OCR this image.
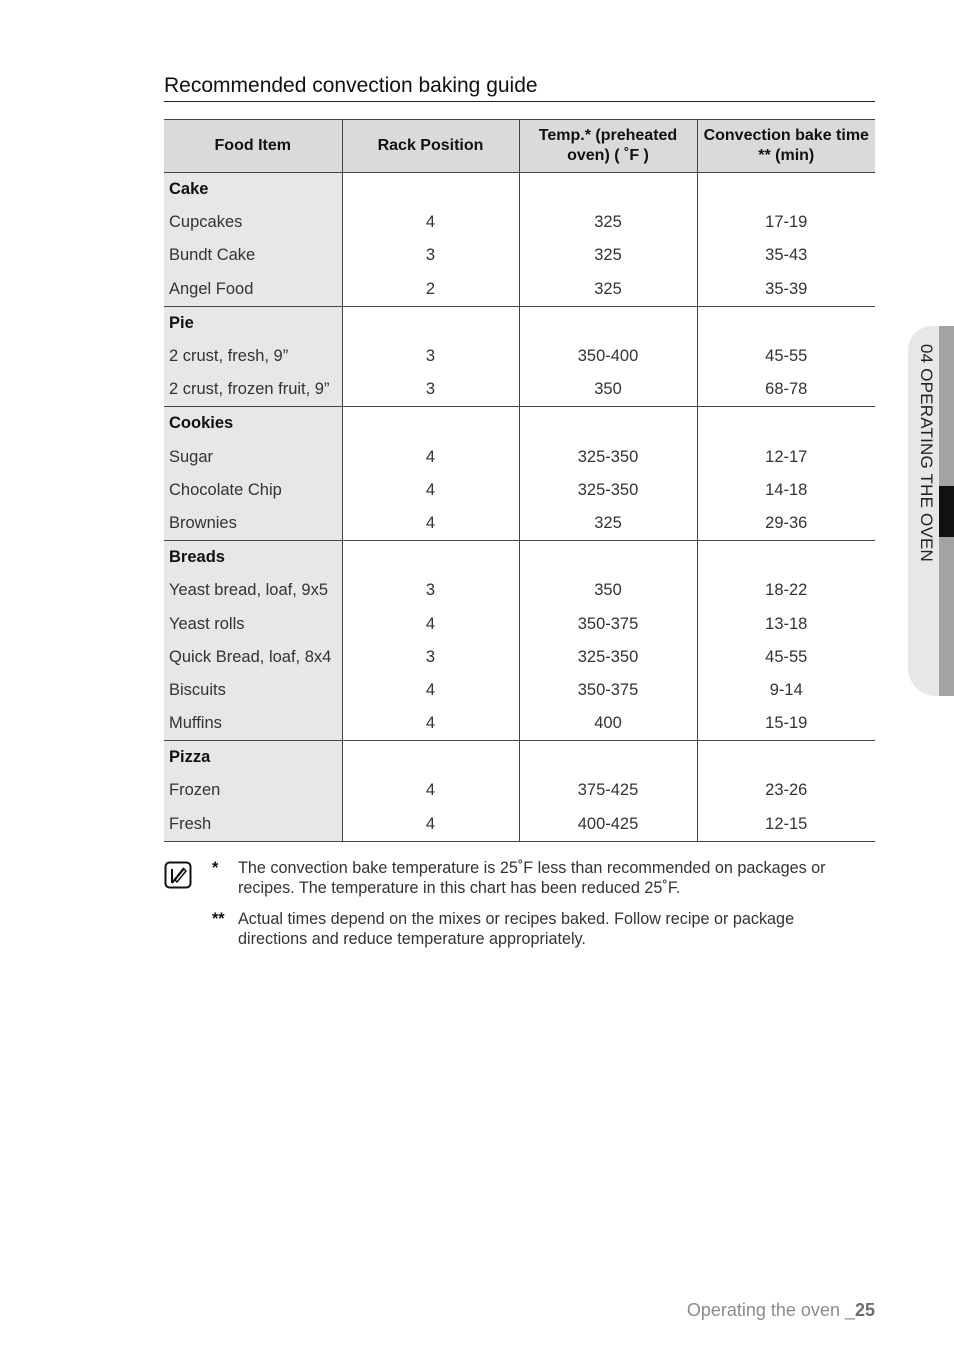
Recommended convection baking guide
Food Item	Rack Position	Temp.* (preheated oven) ( ˚F )	Convection bake time ** (min)
Cake			
Cupcakes	4	325	17-19
Bundt Cake	3	325	35-43
Angel Food	2	325	35-39
Pie			
2 crust, fresh, 9”	3	350-400	45-55
2 crust, frozen fruit, 9”	3	350	68-78
Cookies			
Sugar	4	325-350	12-17
Chocolate Chip	4	325-350	14-18
Brownies	4	325	29-36
Breads			
Yeast bread, loaf, 9x5	3	350	18-22
Yeast rolls	4	350-375	13-18
Quick Bread, loaf, 8x4	3	325-350	45-55
Biscuits	4	350-375	9-14
Muffins	4	400	15-19
Pizza			
Frozen	4	375-425	23-26
Fresh	4	400-425	12-15
* The convection bake temperature is 25˚F less than recommended on packages or recipes. The temperature in this chart has been reduced 25˚F.
** Actual times depend on the mixes or recipes baked. Follow recipe or package directions and reduce temperature appropriately.
04 OPERATING THE OVEN
Operating the oven _25
